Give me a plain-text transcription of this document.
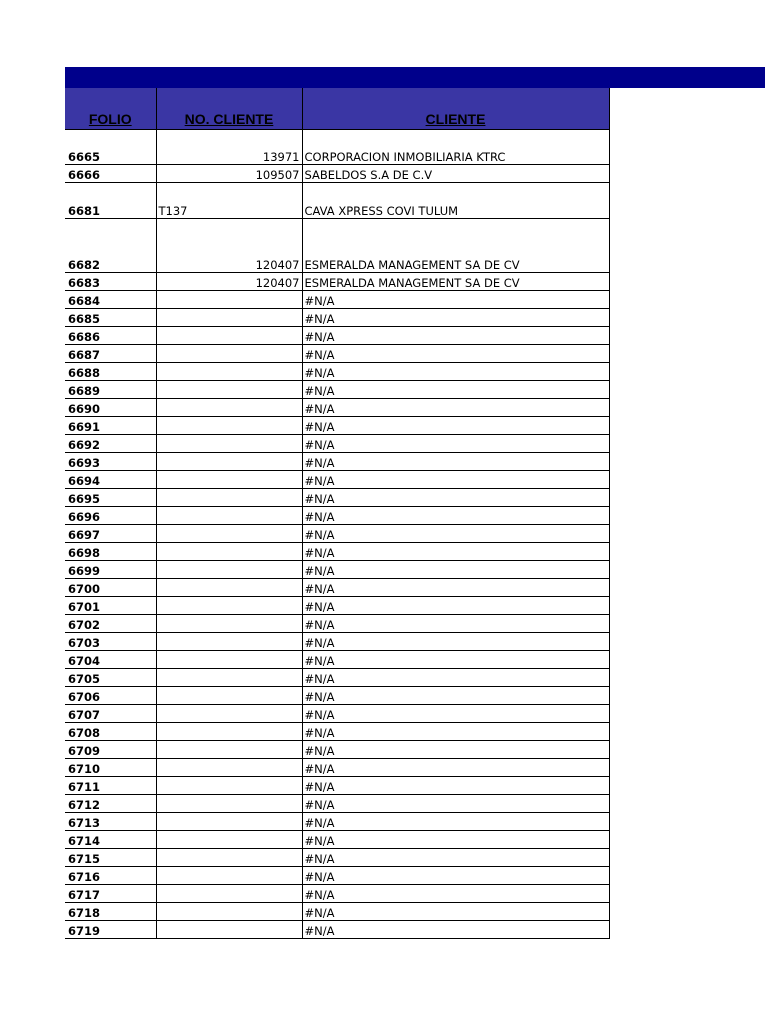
FOLIO	NO. CLIENTE	CLIENTE
6665	13971	CORPORACION INMOBILIARIA KTRC
6666	109507	SABELDOS S.A DE C.V
6681	T137	CAVA XPRESS COVI TULUM
6682	120407	ESMERALDA MANAGEMENT SA DE CV
6683	120407	ESMERALDA MANAGEMENT SA DE CV
6684		#N/A
6685		#N/A
6686		#N/A
6687		#N/A
6688		#N/A
6689		#N/A
6690		#N/A
6691		#N/A
6692		#N/A
6693		#N/A
6694		#N/A
6695		#N/A
6696		#N/A
6697		#N/A
6698		#N/A
6699		#N/A
6700		#N/A
6701		#N/A
6702		#N/A
6703		#N/A
6704		#N/A
6705		#N/A
6706		#N/A
6707		#N/A
6708		#N/A
6709		#N/A
6710		#N/A
6711		#N/A
6712		#N/A
6713		#N/A
6714		#N/A
6715		#N/A
6716		#N/A
6717		#N/A
6718		#N/A
6719		#N/A
